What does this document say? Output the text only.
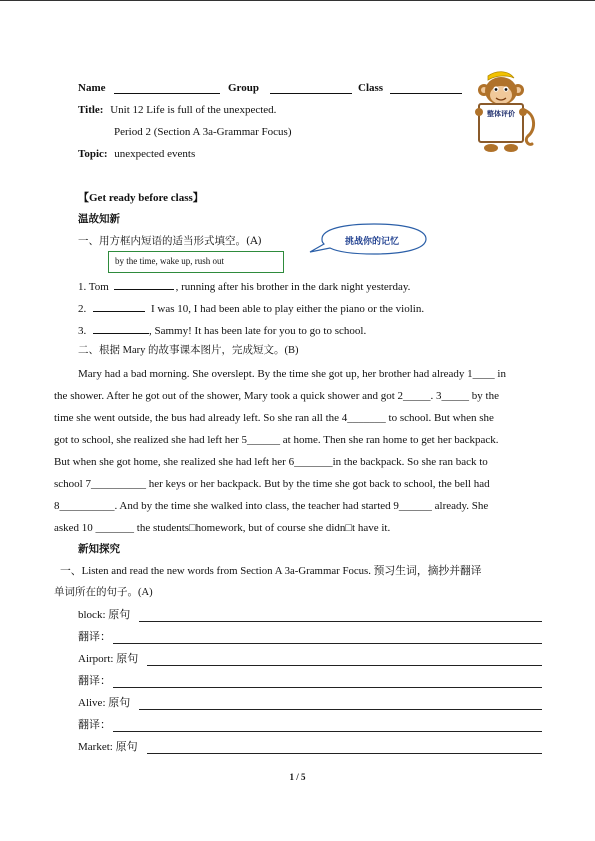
Name	Group	Class
Title: Unit 12 Life is full of the unexpected.
Period 2 (Section A 3a-Grammar Focus)
Topic: unexpected events
整体评价
【Get ready before class】
温故知新
一、用方框内短语的适当形式填空。(A)	挑战你的记忆
by the time, wake up, rush out
1. Tom	, running after his brother in the dark night yesterday.
2.	I was 10, I had been able to play either the piano or the violin.
3.	, Sammy! It has been late for you to go to school.
二、根据 Mary 的故事课本图片，完成短文。(B)
Mary had a bad morning. She overslept. By the time she got up, her brother had already 1____ in
the shower. After he got out of the shower, Mary took a quick shower and got 2_____. 3_____ by the
time she went outside, the bus had already left. So she ran all the 4_______ to school. But when she
got to school, she realized she had left her 5______ at home. Then she ran home to get her backpack.
But when she got home, she realized she had left her 6_______in the backpack. So she ran back to
school 7__________ her keys or her backpack. But by the time she got back to school, the bell had
8__________. And by the time she walked into class, the teacher had started 9______ already. She
asked 10 _______ the students□homework, but of course she didn□t have it.
新知探究
一、Listen and read the new words from Section A 3a-Grammar Focus. 预习生词，摘抄并翻译
单词所在的句子。(A)
block: 原句
翻译：
Airport: 原句
翻译：
Alive: 原句
翻译：
Market: 原句
1 / 5
